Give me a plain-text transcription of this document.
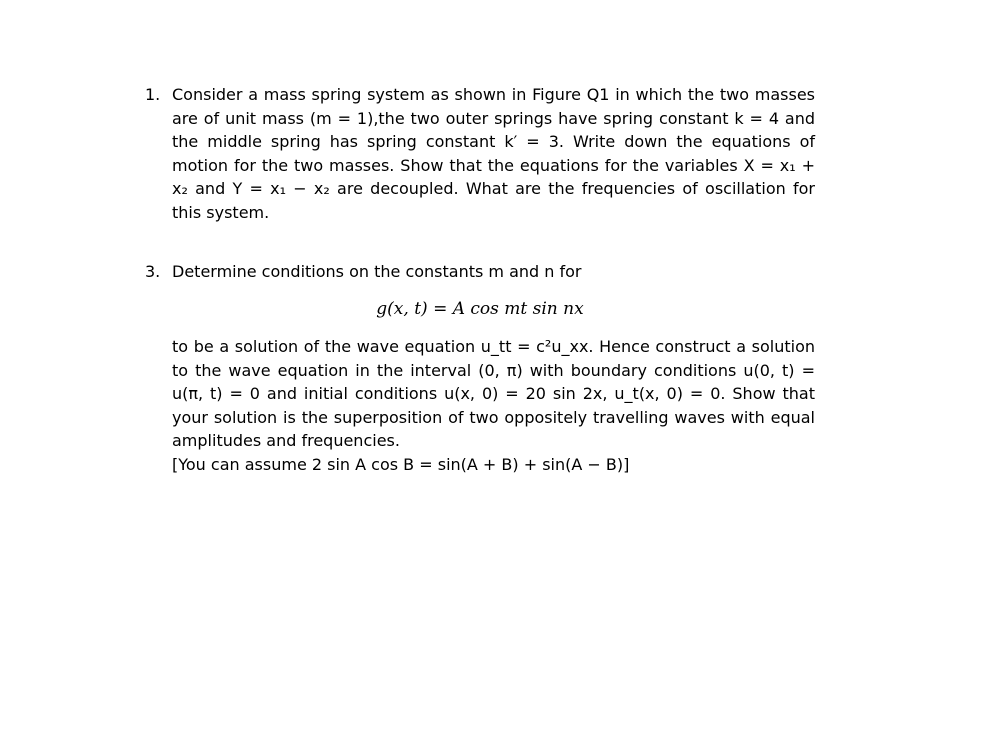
1. Consider a mass spring system as shown in Figure Q1 in which the two masses are of unit mass (m = 1),the two outer springs have spring constant k = 4 and the middle spring has spring constant k′ = 3. Write down the equations of motion for the two masses. Show that the equations for the variables X = x₁ + x₂ and Y = x₁ − x₂ are decoupled. What are the frequencies of oscillation for this system.

3. Determine conditions on the constants m and n for

g(x, t) = A cos mt sin nx

to be a solution of the wave equation u_tt = c²u_xx. Hence construct a solution to the wave equation in the interval (0, π) with boundary conditions u(0, t) = u(π, t) = 0 and initial conditions u(x, 0) = 20 sin 2x, u_t(x, 0) = 0. Show that your solution is the superposition of two oppositely travelling waves with equal amplitudes and frequencies.

[You can assume 2 sin A cos B = sin(A + B) + sin(A − B)]
